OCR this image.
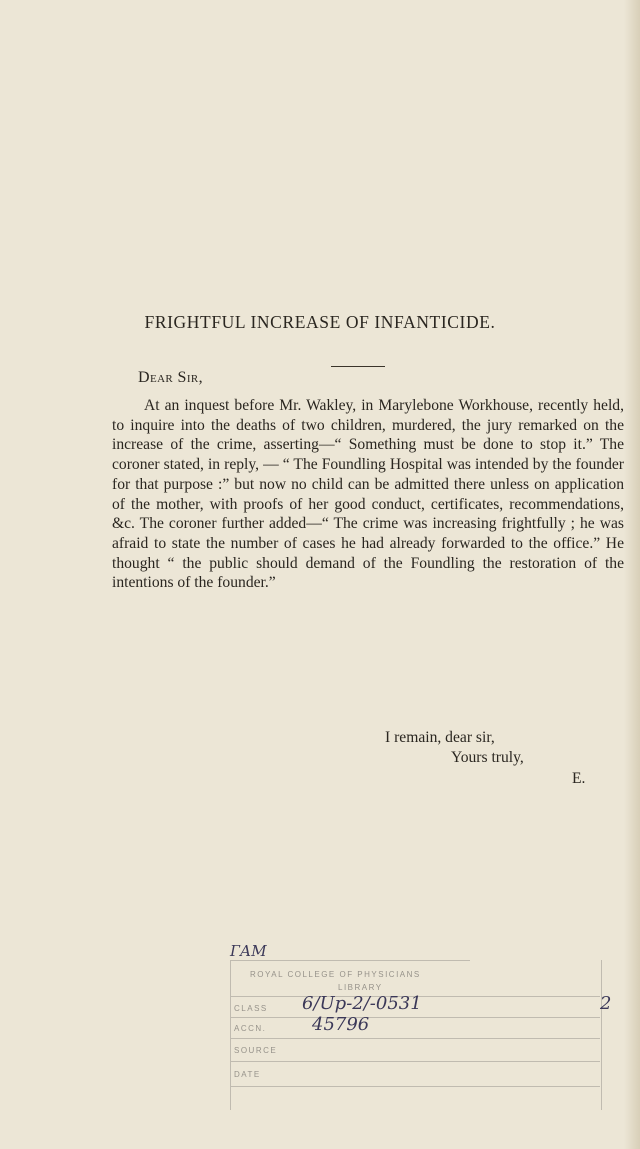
FRIGHTFUL INCREASE OF INFANTICIDE.
Dear Sir,

At an inquest before Mr. Wakley, in Marylebone Workhouse, recently held, to inquire into the deaths of two children, murdered, the jury remarked on the increase of the crime, asserting—“ Something must be done to stop it.” The coroner stated, in reply, — “ The Foundling Hospital was intended by the founder for that purpose :” but now no child can be admitted there unless on application of the mother, with proofs of her good conduct, certificates, recommendations, &c. The coroner further added—“ The crime was increasing frightfully ; he was afraid to state the number of cases he had already forwarded to the office.” He thought “ the public should demand of the Foundling the restoration of the intentions of the founder.”

I remain, dear sir,
Yours truly,
E.
ГАМ
ROYAL COLLEGE OF PHYSICIANS
LIBRARY
CLASS 6/Up-2/-0531	2
ACCN.	45796
SOURCE
DATE
